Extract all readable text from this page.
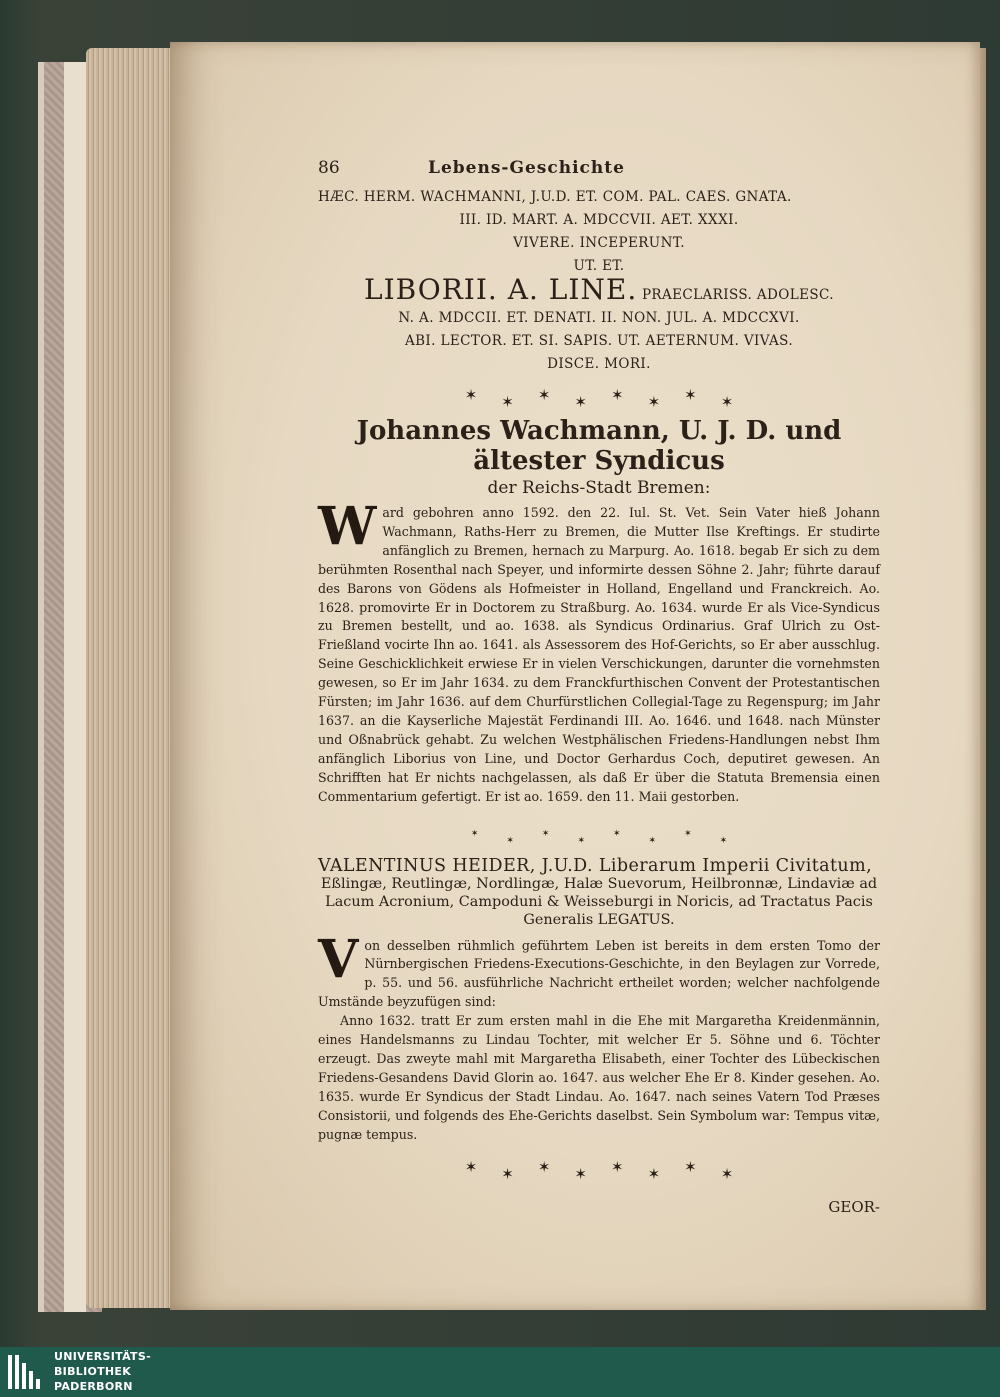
86	Lebens-Geschichte
HÆC. HERM. WACHMANNI, J.U.D. ET. COM. PAL. CAES. GNATA.
III. ID. MART. A. MDCCVII. AET. XXXI.
VIVERE. INCEPERUNT.
UT. ET.
LIBORII. A. LINE. PRAECLARISS. ADOLESC.
N. A. MDCCII. ET. DENATI. II. NON. JUL. A. MDCCXVI.
ABI. LECTOR. ET. SI. SAPIS. UT. AETERNUM. VIVAS.
DISCE. MORI.
✶ ✶ ✶ ✶ ✶ ✶ ✶ ✶
Johannes Wachmann, U. J. D. und ältester Syndicus
der Reichs-Stadt Bremen:
W ard gebohren anno 1592. den 22. Iul. St. Vet. Sein Vater hieß Johann Wachmann, Raths-Herr zu Bremen, die Mutter Ilse Kreftings. Er studirte anfänglich zu Bremen, hernach zu Marpurg. Ao. 1618. begab Er sich zu dem berühmten Rosenthal nach Speyer, und informirte dessen Söhne 2. Jahr; führte darauf des Barons von Gödens als Hofmeister in Holland, Engelland und Franckreich. Ao. 1628. promovirte Er in Doctorem zu Straßburg. Ao. 1634. wurde Er als Vice-Syndicus zu Bremen bestellt, und ao. 1638. als Syndicus Ordinarius. Graf Ulrich zu Ost-Frießland vocirte Ihn ao. 1641. als Assessorem des Hof-Gerichts, so Er aber ausschlug. Seine Geschicklichkeit erwiese Er in vielen Verschickungen, darunter die vornehmsten gewesen, so Er im Jahr 1634. zu dem Franckfurthischen Convent der Protestantischen Fürsten; im Jahr 1636. auf dem Churfürstlichen Collegial-Tage zu Regenspurg; im Jahr 1637. an die Kayserliche Majestät Ferdinandi III. Ao. 1646. und 1648. nach Münster und Oßnabrück gehabt. Zu welchen Westphälischen Friedens-Handlungen nebst Ihm anfänglich Liborius von Line, und Doctor Gerhardus Coch, deputiret gewesen. An Schrifften hat Er nichts nachgelassen, als daß Er über die Statuta Bremensia einen Commentarium gefertigt. Er ist ao. 1659. den 11. Maii gestorben.
✶
✶
✶
✶
✶
✶
✶
✶
VALENTINUS HEIDER, J.U.D. Liberarum Imperii Civitatum,
Eßlingæ, Reutlingæ, Nordlingæ, Halæ Suevorum, Heilbronnæ, Lindaviæ ad Lacum Acronium, Campoduni & Weisseburgi in Noricis, ad Tractatus Pacis Generalis LEGATUS.
V on desselben rühmlich geführtem Leben ist bereits in dem ersten Tomo der Nürnbergischen Friedens-Executions-Geschichte, in den Beylagen zur Vorrede, p. 55. und 56. ausführliche Nachricht ertheilet worden; welcher nachfolgende Umstände beyzufügen sind:
Anno 1632. tratt Er zum ersten mahl in die Ehe mit Margaretha Kreidenmännin, eines Handelsmanns zu Lindau Tochter, mit welcher Er 5. Söhne und 6. Töchter erzeugt. Das zweyte mahl mit Margaretha Elisabeth, einer Tochter des Lübeckischen Friedens-Gesandens David Glorin ao. 1647. aus welcher Ehe Er 8. Kinder gesehen. Ao. 1635. wurde Er Syndicus der Stadt Lindau. Ao. 1647. nach seines Vatern Tod Præses Consistorii, und folgends des Ehe-Gerichts daselbst. Sein Symbolum war: Tempus vitæ, pugnæ tempus.
✶ ✶ ✶ ✶ ✶ ✶ ✶ ✶
GEOR-
UNIVERSITÄTS-
BIBLIOTHEK
PADERBORN
